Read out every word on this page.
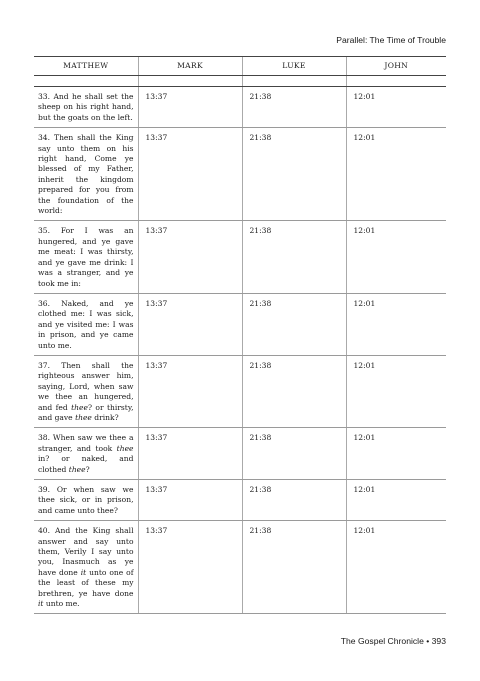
Parallel: The Time of Trouble
MATTHEW	MARK	LUKE	JOHN

33. And he shall set the sheep on his right hand, but the goats on the left.	13:37	21:38	12:01
34. Then shall the King say unto them on his right hand, Come ye blessed of my Father, inherit the kingdom prepared for you from the foundation of the world:	13:37	21:38	12:01
35. For I was an hungered, and ye gave me meat: I was thirsty, and ye gave me drink: I was a stranger, and ye took me in:	13:37	21:38	12:01
36. Naked, and ye clothed me: I was sick, and ye visited me: I was in prison, and ye came unto me.	13:37	21:38	12:01
37. Then shall the righteous answer him, saying, Lord, when saw we thee an hungered, and fed thee? or thirsty, and gave thee drink?	13:37	21:38	12:01
38. When saw we thee a stranger, and took thee in? or naked, and clothed thee?	13:37	21:38	12:01
39. Or when saw we thee sick, or in prison, and came unto thee?	13:37	21:38	12:01
40. And the King shall answer and say unto them, Verily I say unto you, Inasmuch as ye have done it unto one of the least of these my brethren, ye have done it unto me.	13:37	21:38	12:01
The Gospel Chronicle • 393
